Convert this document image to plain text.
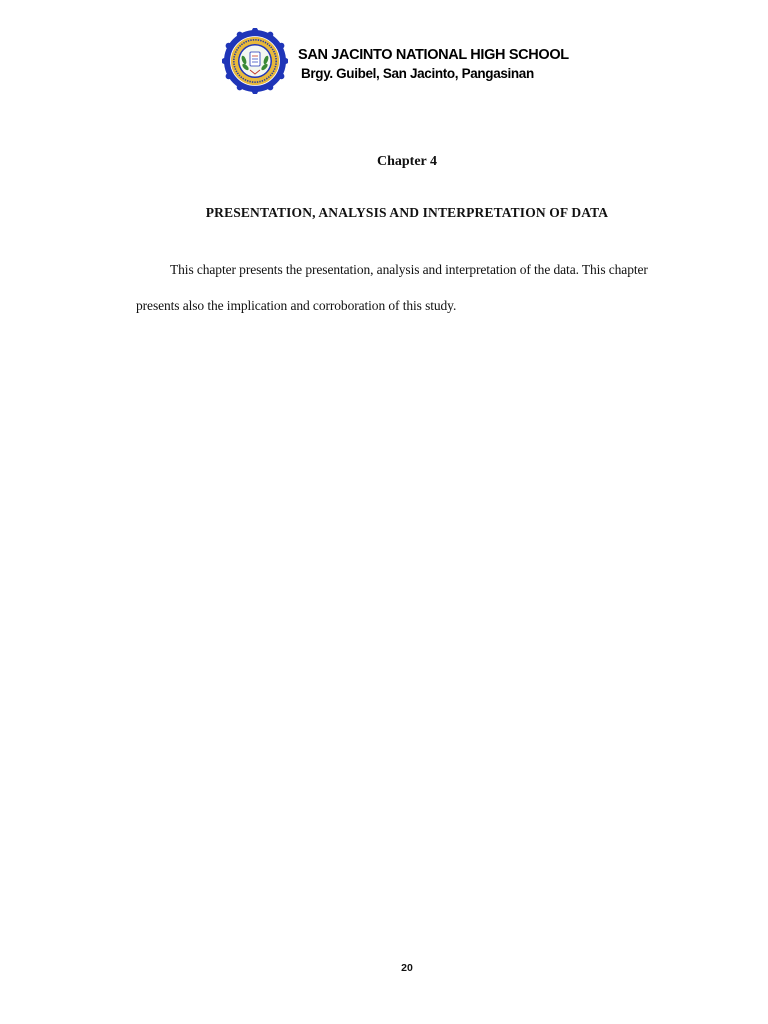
SAN JACINTO NATIONAL HIGH SCHOOL
Brgy. Guibel, San Jacinto, Pangasinan
Chapter 4
PRESENTATION, ANALYSIS AND INTERPRETATION OF DATA

This chapter presents the presentation, analysis and interpretation of the data. This chapter presents also the implication and corroboration of this study.

20
